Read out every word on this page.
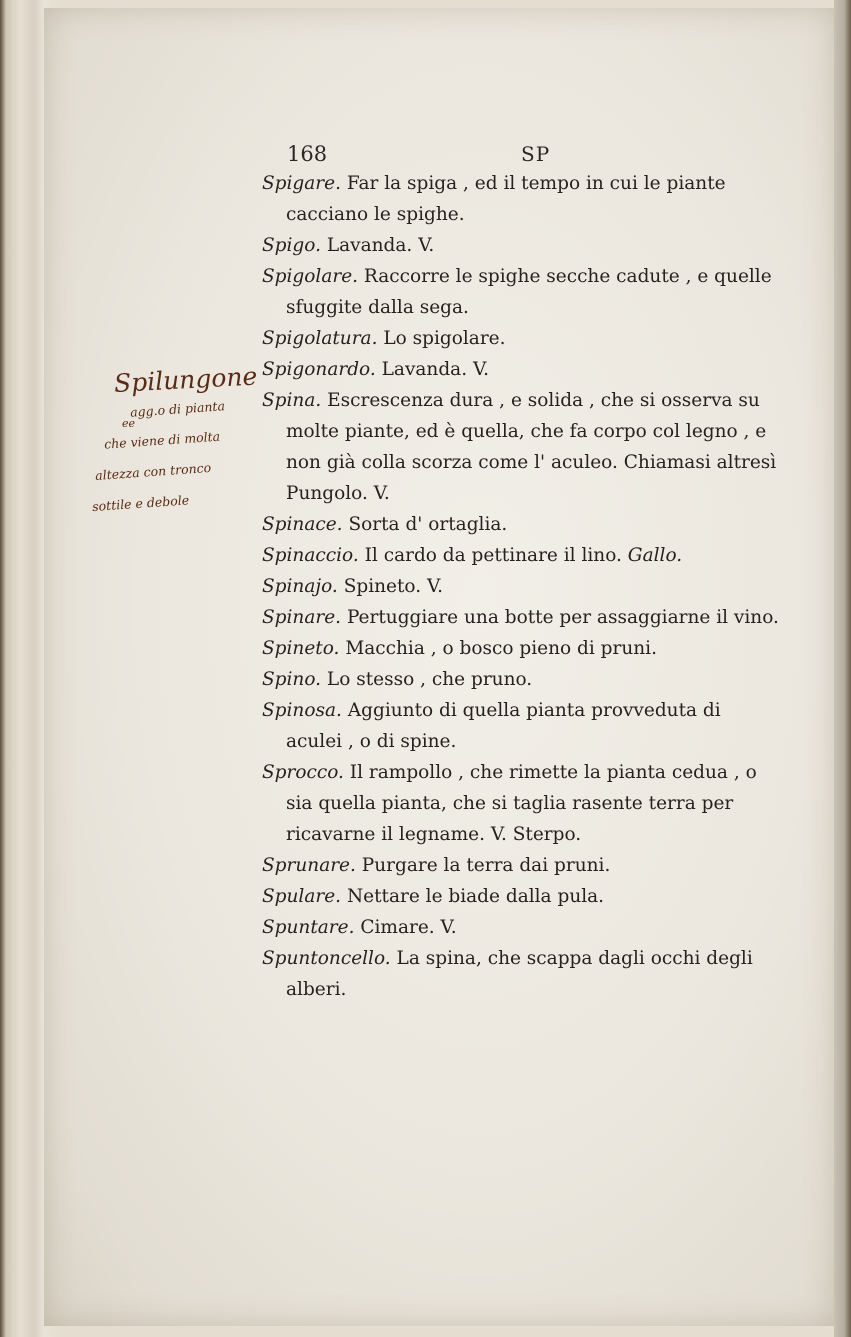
168	SP
Spigare. Far la spiga , ed il tempo in cui le piante cacciano le spighe.
Spigo. Lavanda. V.
Spigolare. Raccorre le spighe secche cadute , e quelle sfuggite dalla sega.
Spigolatura. Lo spigolare.
Spigonardo. Lavanda. V.
Spina. Escrescenza dura , e solida , che si osserva su molte piante, ed è quella, che fa corpo col legno , e non già colla scorza come l' aculeo. Chiamasi altresì Pungolo. V.
Spinace. Sorta d' ortaglia.
Spinaccio. Il cardo da pettinare il lino. Gallo.
Spinajo. Spineto. V.
Spinare. Pertuggiare una botte per assaggiarne il vino.
Spineto. Macchia , o bosco pieno di pruni.
Spino. Lo stesso , che pruno.
Spinosa. Aggiunto di quella pianta provveduta di aculei , o di spine.
Sprocco. Il rampollo , che rimette la pianta cedua , o sia quella pianta, che si taglia rasente terra per ricavarne il legname. V. Sterpo.
Sprunare. Purgare la terra dai pruni.
Spulare. Nettare le biade dalla pula.
Spuntare. Cimare. V.
Spuntoncello. La spina, che scappa dagli occhi degli alberi.
Spilungone
ee
agg.o di pianta
che viene di molta
altezza con tronco
sottile e debole
